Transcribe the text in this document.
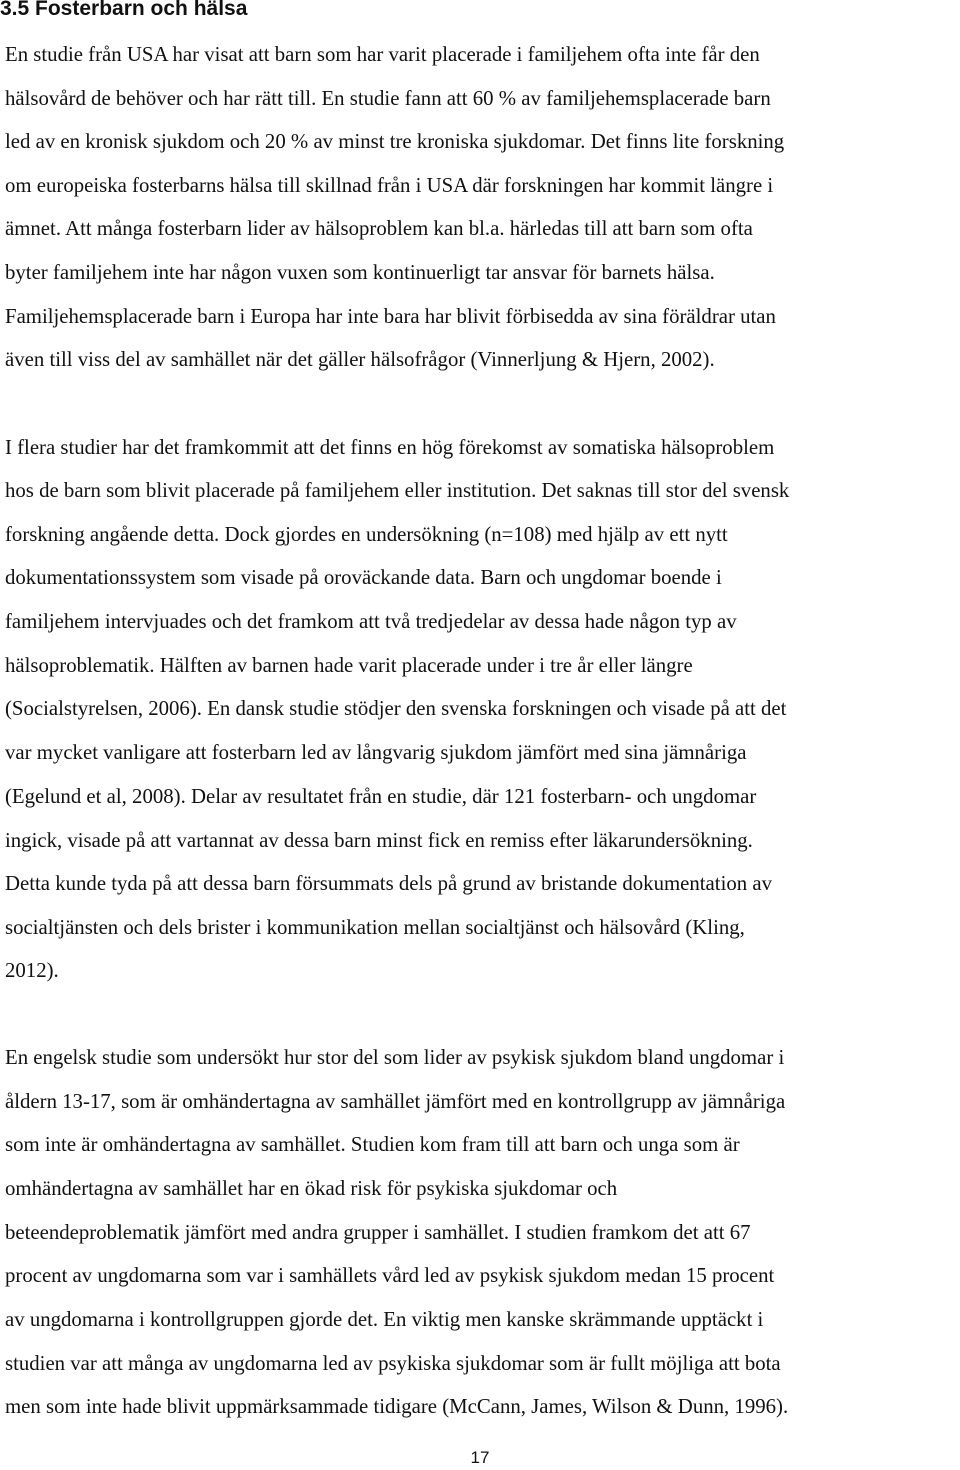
3.5 Fosterbarn och hälsa

En studie från USA har visat att barn som har varit placerade i familjehem ofta inte får den

hälsovård de behöver och har rätt till. En studie fann att 60 % av familjehemsplacerade barn

led av en kronisk sjukdom och 20 % av minst tre kroniska sjukdomar. Det finns lite forskning

om europeiska fosterbarns hälsa till skillnad från i USA där forskningen har kommit längre i

ämnet. Att många fosterbarn lider av hälsoproblem kan bl.a. härledas till att barn som ofta

byter familjehem inte har någon vuxen som kontinuerligt tar ansvar för barnets hälsa.

Familjehemsplacerade barn i Europa har inte bara har blivit förbisedda av sina föräldrar utan

även till viss del av samhället när det gäller hälsofrågor (Vinnerljung & Hjern, 2002).

I flera studier har det framkommit att det finns en hög förekomst av somatiska hälsoproblem

hos de barn som blivit placerade på familjehem eller institution. Det saknas till stor del svensk

forskning angående detta. Dock gjordes en undersökning (n=108) med hjälp av ett nytt

dokumentationssystem som visade på oroväckande data. Barn och ungdomar boende i

familjehem intervjuades och det framkom att två tredjedelar av dessa hade någon typ av

hälsoproblematik. Hälften av barnen hade varit placerade under i tre år eller längre

(Socialstyrelsen, 2006). En dansk studie stödjer den svenska forskningen och visade på att det

var mycket vanligare att fosterbarn led av långvarig sjukdom jämfört med sina jämnåriga

(Egelund et al, 2008). Delar av resultatet från en studie, där 121 fosterbarn- och ungdomar

ingick, visade på att vartannat av dessa barn minst fick en remiss efter läkarundersökning.

Detta kunde tyda på att dessa barn försummats dels på grund av bristande dokumentation av

socialtjänsten och dels brister i kommunikation mellan socialtjänst och hälsovård (Kling,

2012).

En engelsk studie som undersökt hur stor del som lider av psykisk sjukdom bland ungdomar i

åldern 13-17, som är omhändertagna av samhället jämfört med en kontrollgrupp av jämnåriga

som inte är omhändertagna av samhället. Studien kom fram till att barn och unga som är

omhändertagna av samhället har en ökad risk för psykiska sjukdomar och

beteendeproblematik jämfört med andra grupper i samhället. I studien framkom det att 67

procent av ungdomarna som var i samhällets vård led av psykisk sjukdom medan 15 procent

av ungdomarna i kontrollgruppen gjorde det. En viktig men kanske skrämmande upptäckt i

studien var att många av ungdomarna led av psykiska sjukdomar som är fullt möjliga att bota

men som inte hade blivit uppmärksammade tidigare (McCann, James, Wilson & Dunn, 1996).

17
